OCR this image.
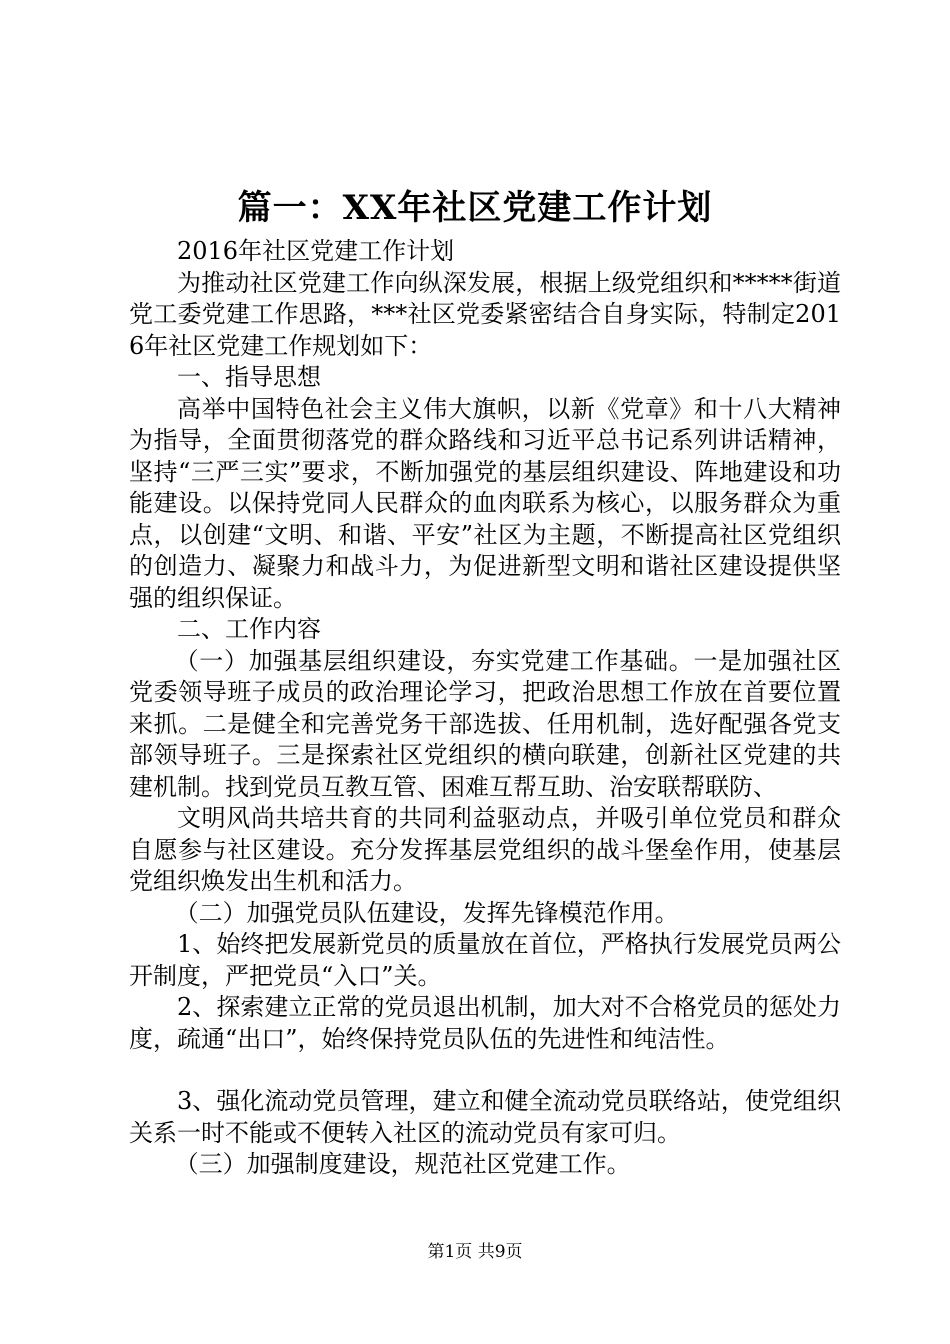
篇一：XX年社区党建工作计划

2016年社区党建工作计划

为推动社区党建工作向纵深发展，根据上级党组织和*****街道党工委党建工作思路，***社区党委紧密结合自身实际，特制定2016年社区党建工作规划如下：

一、指导思想

高举中国特色社会主义伟大旗帜，以新《党章》和十八大精神为指导，全面贯彻落党的群众路线和习近平总书记系列讲话精神，坚持“三严三实”要求，不断加强党的基层组织建设、阵地建设和功能建设。以保持党同人民群众的血肉联系为核心，以服务群众为重点，以创建“文明、和谐、平安”社区为主题，不断提高社区党组织的创造力、凝聚力和战斗力，为促进新型文明和谐社区建设提供坚强的组织保证。

二、工作内容

（一）加强基层组织建设，夯实党建工作基础。一是加强社区党委领导班子成员的政治理论学习，把政治思想工作放在首要位置来抓。二是健全和完善党务干部选拔、任用机制，选好配强各党支部领导班子。三是探索社区党组织的横向联建，创新社区党建的共建机制。找到党员互教互管、困难互帮互助、治安联帮联防、

文明风尚共培共育的共同利益驱动点，并吸引单位党员和群众自愿参与社区建设。充分发挥基层党组织的战斗堡垒作用，使基层党组织焕发出生机和活力。

（二）加强党员队伍建设，发挥先锋模范作用。

1、始终把发展新党员的质量放在首位，严格执行发展党员两公开制度，严把党员“入口”关。

2、探索建立正常的党员退出机制，加大对不合格党员的惩处力度，疏通“出口”，始终保持党员队伍的先进性和纯洁性。

3、强化流动党员管理，建立和健全流动党员联络站，使党组织关系一时不能或不便转入社区的流动党员有家可归。

（三）加强制度建设，规范社区党建工作。

第1页 共9页
